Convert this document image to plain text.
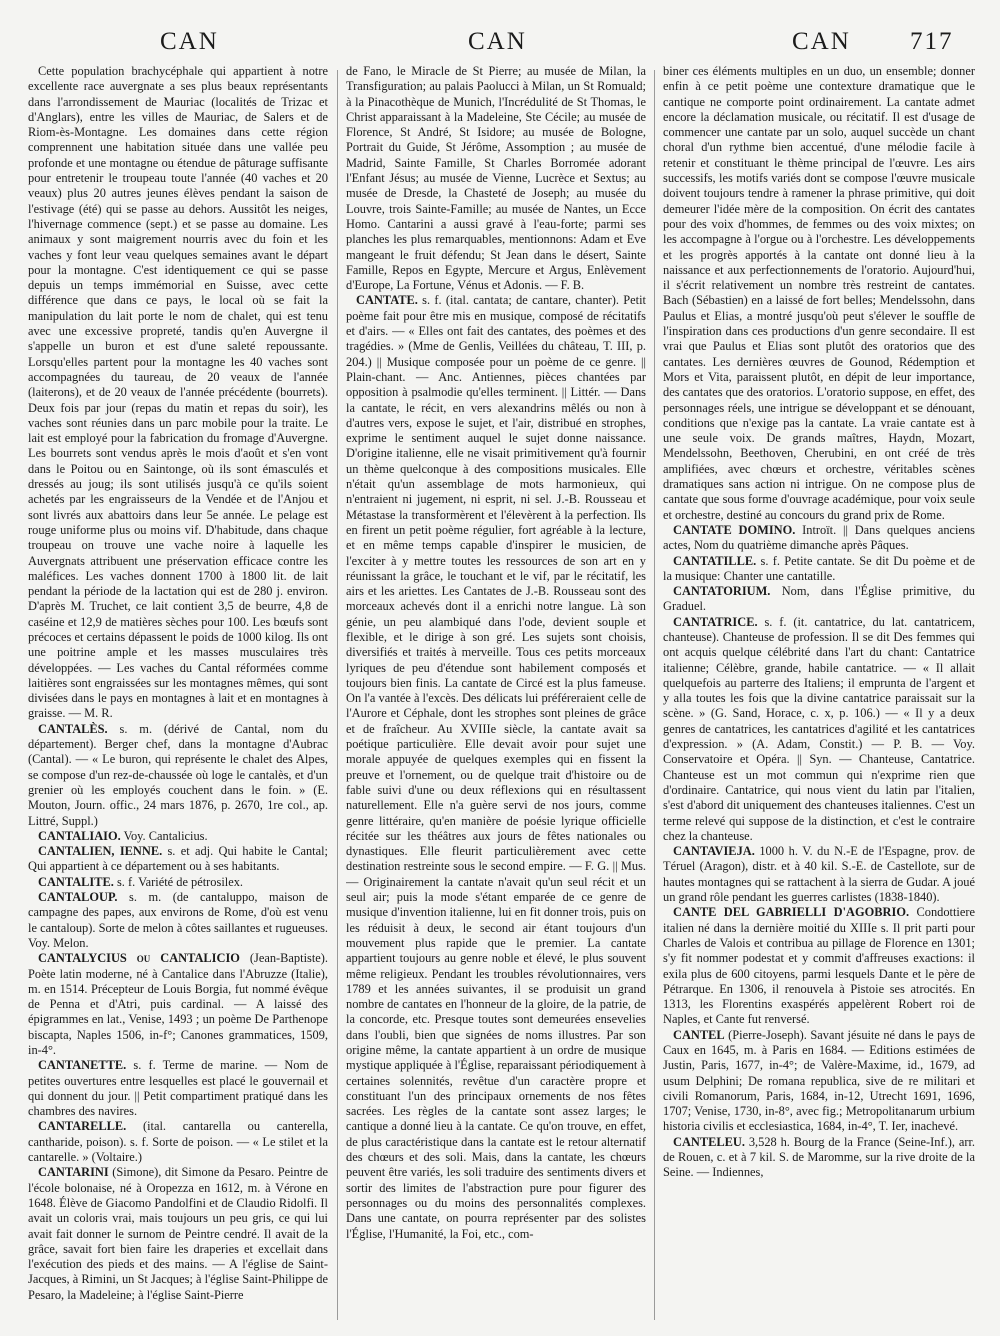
CAN	CAN	CAN 717

Cette population brachycéphale qui appartient à notre excellente race auvergnate a ses plus beaux représentants dans l'arrondissement de Mauriac (localités de Trizac et d'Anglars), entre les villes de Mauriac, de Salers et de Riom-ès-Montagne. Les domaines dans cette région comprennent une habitation située dans une vallée peu profonde et une montagne ou étendue de pâturage suffisante pour entretenir le troupeau toute l'année (40 vaches et 20 veaux) plus 20 autres jeunes élèves pendant la saison de l'estivage (été) qui se passe au dehors. Aussitôt les neiges, l'hivernage commence (sept.) et se passe au domaine. Les animaux y sont maigrement nourris avec du foin et les vaches y font leur veau quelques semaines avant le départ pour la montagne. C'est identiquement ce qui se passe depuis un temps immémorial en Suisse, avec cette différence que dans ce pays, le local où se fait la manipulation du lait porte le nom de chalet, qui est tenu avec une excessive propreté, tandis qu'en Auvergne il s'appelle un buron et est d'une saleté repoussante. Lorsqu'elles partent pour la montagne les 40 vaches sont accompagnées du taureau, de 20 veaux de l'année (laiterons), et de 20 veaux de l'année précédente (bourrets). Deux fois par jour (repas du matin et repas du soir), les vaches sont réunies dans un parc mobile pour la traite. Le lait est employé pour la fabrication du fromage d'Auvergne. Les bourrets sont vendus après le mois d'août et s'en vont dans le Poitou ou en Saintonge, où ils sont émasculés et dressés au joug; ils sont utilisés jusqu'à ce qu'ils soient achetés par les engraisseurs de la Vendée et de l'Anjou et sont livrés aux abattoirs dans leur 5e année. Le pelage est rouge uniforme plus ou moins vif. D'habitude, dans chaque troupeau on trouve une vache noire à laquelle les Auvergnats attribuent une préservation efficace contre les maléfices. Les vaches donnent 1700 à 1800 lit. de lait pendant la période de la lactation qui est de 280 j. environ. D'après M. Truchet, ce lait contient 3,5 de beurre, 4,8 de caséine et 12,9 de matières sèches pour 100. Les bœufs sont précoces et certains dépassent le poids de 1000 kilog. Ils ont une poitrine ample et les masses musculaires très développées. — Les vaches du Cantal réformées comme laitières sont engraissées sur les montagnes mêmes, qui sont divisées dans le pays en montagnes à lait et en montagnes à graisse. — M. R.

CANTALÈS. s. m. (dérivé de Cantal, nom du département). Berger chef, dans la montagne d'Aubrac (Cantal). — « Le buron, qui représente le chalet des Alpes, se compose d'un rez-de-chaussée où loge le cantalès, et d'un grenier où les employés couchent dans le foin. » (E. Mouton, Journ. offic., 24 mars 1876, p. 2670, 1re col., ap. Littré, Suppl.)

CANTALIAIO. Voy. Cantalicius.

CANTALIEN, IENNE. s. et adj. Qui habite le Cantal; Qui appartient à ce département ou à ses habitants.

CANTALITE. s. f. Variété de pétrosilex.

CANTALOUP. s. m. (de cantaluppo, maison de campagne des papes, aux environs de Rome, d'où est venu le cantaloup). Sorte de melon à côtes saillantes et rugueuses. Voy. Melon.

CANTALYCIUS ou CANTALICIO (Jean-Baptiste). Poète latin moderne, né à Cantalice dans l'Abruzze (Italie), m. en 1514. Précepteur de Louis Borgia, fut nommé évêque de Penna et d'Atri, puis cardinal. — A laissé des épigrammes en lat., Venise, 1493 ; un poème De Parthenope biscapta, Naples 1506, in-f°; Canones grammatices, 1509, in-4°.

CANTANETTE. s. f. Terme de marine. — Nom de petites ouvertures entre lesquelles est placé le gouvernail et qui donnent du jour. || Petit compartiment pratiqué dans les chambres des navires.

CANTARELLE. (ital. cantarella ou canterella, cantharide, poison). s. f. Sorte de poison. — « Le stilet et la cantarelle. » (Voltaire.)

CANTARINI (Simone), dit Simone da Pesaro. Peintre de l'école bolonaise, né à Oropezza en 1612, m. à Vérone en 1648. Élève de Giacomo Pandolfini et de Claudio Ridolfi. Il avait un coloris vrai, mais toujours un peu gris, ce qui lui avait fait donner le surnom de Peintre cendré. Il avait de la grâce, savait fort bien faire les draperies et excellait dans l'exécution des pieds et des mains. — A l'église de Saint-Jacques, à Rimini, un St Jacques; à l'église Saint-Philippe de Pesaro, la Madeleine; à l'église Saint-Pierre

de Fano, le Miracle de St Pierre; au musée de Milan, la Transfiguration; au palais Paolucci à Milan, un St Romuald; à la Pinacothèque de Munich, l'Incrédulité de St Thomas, le Christ apparaissant à la Madeleine, Ste Cécile; au musée de Florence, St André, St Isidore; au musée de Bologne, Portrait du Guide, St Jérôme, Assomption ; au musée de Madrid, Sainte Famille, St Charles Borromée adorant l'Enfant Jésus; au musée de Vienne, Lucrèce et Sextus; au musée de Dresde, la Chasteté de Joseph; au musée du Louvre, trois Sainte-Famille; au musée de Nantes, un Ecce Homo. Cantarini a aussi gravé à l'eau-forte; parmi ses planches les plus remarquables, mentionnons: Adam et Eve mangeant le fruit défendu; St Jean dans le désert, Sainte Famille, Repos en Egypte, Mercure et Argus, Enlèvement d'Europe, La Fortune, Vénus et Adonis. — F. B.

CANTATE. s. f. (ital. cantata; de cantare, chanter). Petit poème fait pour être mis en musique, composé de récitatifs et d'airs. — « Elles ont fait des cantates, des poèmes et des tragédies. » (Mme de Genlis, Veillées du château, T. III, p. 204.) || Musique composée pour un poème de ce genre. || Plain-chant. — Anc. Antiennes, pièces chantées par opposition à psalmodie qu'elles terminent. || Littér. — Dans la cantate, le récit, en vers alexandrins mêlés ou non à d'autres vers, expose le sujet, et l'air, distribué en strophes, exprime le sentiment auquel le sujet donne naissance. D'origine italienne, elle ne visait primitivement qu'à fournir un thème quelconque à des compositions musicales. Elle n'était qu'un assemblage de mots harmonieux, qui n'entraient ni jugement, ni esprit, ni sel. J.-B. Rousseau et Métastase la transformèrent et l'élevèrent à la perfection. Ils en firent un petit poème régulier, fort agréable à la lecture, et en même temps capable d'inspirer le musicien, de l'exciter à y mettre toutes les ressources de son art en y réunissant la grâce, le touchant et le vif, par le récitatif, les airs et les ariettes. Les Cantates de J.-B. Rousseau sont des morceaux achevés dont il a enrichi notre langue. Là son génie, un peu alambiqué dans l'ode, devient souple et flexible, et le dirige à son gré. Les sujets sont choisis, diversifiés et traités à merveille. Tous ces petits morceaux lyriques de peu d'étendue sont habilement composés et toujours bien finis. La cantate de Circé est la plus fameuse. On l'a vantée à l'excès. Des délicats lui préféreraient celle de l'Aurore et Céphale, dont les strophes sont pleines de grâce et de fraîcheur. Au XVIIIe siècle, la cantate avait sa poétique particulière. Elle devait avoir pour sujet une morale appuyée de quelques exemples qui en fissent la preuve et l'ornement, ou de quelque trait d'histoire ou de fable suivi d'une ou deux réflexions qui en résultassent naturellement. Elle n'a guère servi de nos jours, comme genre littéraire, qu'en manière de poésie lyrique officielle récitée sur les théâtres aux jours de fêtes nationales ou dynastiques. Elle fleurit particulièrement avec cette destination restreinte sous le second empire. — F. G. || Mus. — Originairement la cantate n'avait qu'un seul récit et un seul air; puis la mode s'étant emparée de ce genre de musique d'invention italienne, lui en fit donner trois, puis on les réduisit à deux, le second air étant toujours d'un mouvement plus rapide que le premier. La cantate appartient toujours au genre noble et élevé, le plus souvent même religieux. Pendant les troubles révolutionnaires, vers 1789 et les années suivantes, il se produisit un grand nombre de cantates en l'honneur de la gloire, de la patrie, de la concorde, etc. Presque toutes sont demeurées ensevelies dans l'oubli, bien que signées de noms illustres. Par son origine même, la cantate appartient à un ordre de musique mystique appliquée à l'Église, reparaissant périodiquement à certaines solennités, revêtue d'un caractère propre et constituant l'un des principaux ornements de nos fêtes sacrées. Les règles de la cantate sont assez larges; le cantique a donné lieu à la cantate. Ce qu'on trouve, en effet, de plus caractéristique dans la cantate est le retour alternatif des chœurs et des soli. Mais, dans la cantate, les chœurs peuvent être variés, les soli traduire des sentiments divers et sortir des limites de l'abstraction pure pour figurer des personnages ou du moins des personnalités complexes. Dans une cantate, on pourra représenter par des solistes l'Église, l'Humanité, la Foi, etc., com-

biner ces éléments multiples en un duo, un ensemble; donner enfin à ce petit poème une contexture dramatique que le cantique ne comporte point ordinairement. La cantate admet encore la déclamation musicale, ou récitatif. Il est d'usage de commencer une cantate par un solo, auquel succède un chant choral d'un rythme bien accentué, d'une mélodie facile à retenir et constituant le thème principal de l'œuvre. Les airs successifs, les motifs variés dont se compose l'œuvre musicale doivent toujours tendre à ramener la phrase primitive, qui doit demeurer l'idée mère de la composition. On écrit des cantates pour des voix d'hommes, de femmes ou des voix mixtes; on les accompagne à l'orgue ou à l'orchestre. Les développements et les progrès apportés à la cantate ont donné lieu à la naissance et aux perfectionnements de l'oratorio. Aujourd'hui, il s'écrit relativement un nombre très restreint de cantates. Bach (Sébastien) en a laissé de fort belles; Mendelssohn, dans Paulus et Elias, a montré jusqu'où peut s'élever le souffle de l'inspiration dans ces productions d'un genre secondaire. Il est vrai que Paulus et Elias sont plutôt des oratorios que des cantates. Les dernières œuvres de Gounod, Rédemption et Mors et Vita, paraissent plutôt, en dépit de leur importance, des cantates que des oratorios. L'oratorio suppose, en effet, des personnages réels, une intrigue se développant et se dénouant, conditions que n'exige pas la cantate. La vraie cantate est à une seule voix. De grands maîtres, Haydn, Mozart, Mendelssohn, Beethoven, Cherubini, en ont créé de très amplifiées, avec chœurs et orchestre, véritables scènes dramatiques sans action ni intrigue. On ne compose plus de cantate que sous forme d'ouvrage académique, pour voix seule et orchestre, destiné au concours du grand prix de Rome.

CANTATE DOMINO. Introït. || Dans quelques anciens actes, Nom du quatrième dimanche après Pâques.

CANTATILLE. s. f. Petite cantate. Se dit Du poème et de la musique: Chanter une cantatille.

CANTATORIUM. Nom, dans l'Église primitive, du Graduel.

CANTATRICE. s. f. (it. cantatrice, du lat. cantatricem, chanteuse). Chanteuse de profession. Il se dit Des femmes qui ont acquis quelque célébrité dans l'art du chant: Cantatrice italienne; Célèbre, grande, habile cantatrice. — « Il allait quelquefois au parterre des Italiens; il emprunta de l'argent et y alla toutes les fois que la divine cantatrice paraissait sur la scène. » (G. Sand, Horace, c. x, p. 106.) — « Il y a deux genres de cantatrices, les cantatrices d'agilité et les cantatrices d'expression. » (A. Adam, Constit.) — P. B. — Voy. Conservatoire et Opéra. || Syn. — Chanteuse, Cantatrice. Chanteuse est un mot commun qui n'exprime rien que d'ordinaire. Cantatrice, qui nous vient du latin par l'italien, s'est d'abord dit uniquement des chanteuses italiennes. C'est un terme relevé qui suppose de la distinction, et c'est le contraire chez la chanteuse.

CANTAVIEJA. 1000 h. V. du N.-E de l'Espagne, prov. de Téruel (Aragon), distr. et à 40 kil. S.-E. de Castellote, sur de hautes montagnes qui se rattachent à la sierra de Gudar. A joué un grand rôle pendant les guerres carlistes (1838-1840).

CANTE DEL GABRIELLI D'AGOBRIO. Condottiere italien né dans la dernière moitié du XIIIe s. Il prit parti pour Charles de Valois et contribua au pillage de Florence en 1301; s'y fit nommer podestat et y commit d'affreuses exactions: il exila plus de 600 citoyens, parmi lesquels Dante et le père de Pétrarque. En 1306, il renouvela à Pistoie ses atrocités. En 1313, les Florentins exaspérés appelèrent Robert roi de Naples, et Cante fut renversé.

CANTEL (Pierre-Joseph). Savant jésuite né dans le pays de Caux en 1645, m. à Paris en 1684. — Editions estimées de Justin, Paris, 1677, in-4°; de Valère-Maxime, id., 1679, ad usum Delphini; De romana republica, sive de re militari et civili Romanorum, Paris, 1684, in-12, Utrecht 1691, 1696, 1707; Venise, 1730, in-8°, avec fig.; Metropolitanarum urbium historia civilis et ecclesiastica, 1684, in-4°, T. Ier, inachevé.

CANTELEU. 3,528 h. Bourg de la France (Seine-Inf.), arr. de Rouen, c. et à 7 kil. S. de Maromme, sur la rive droite de la Seine. — Indiennes,
